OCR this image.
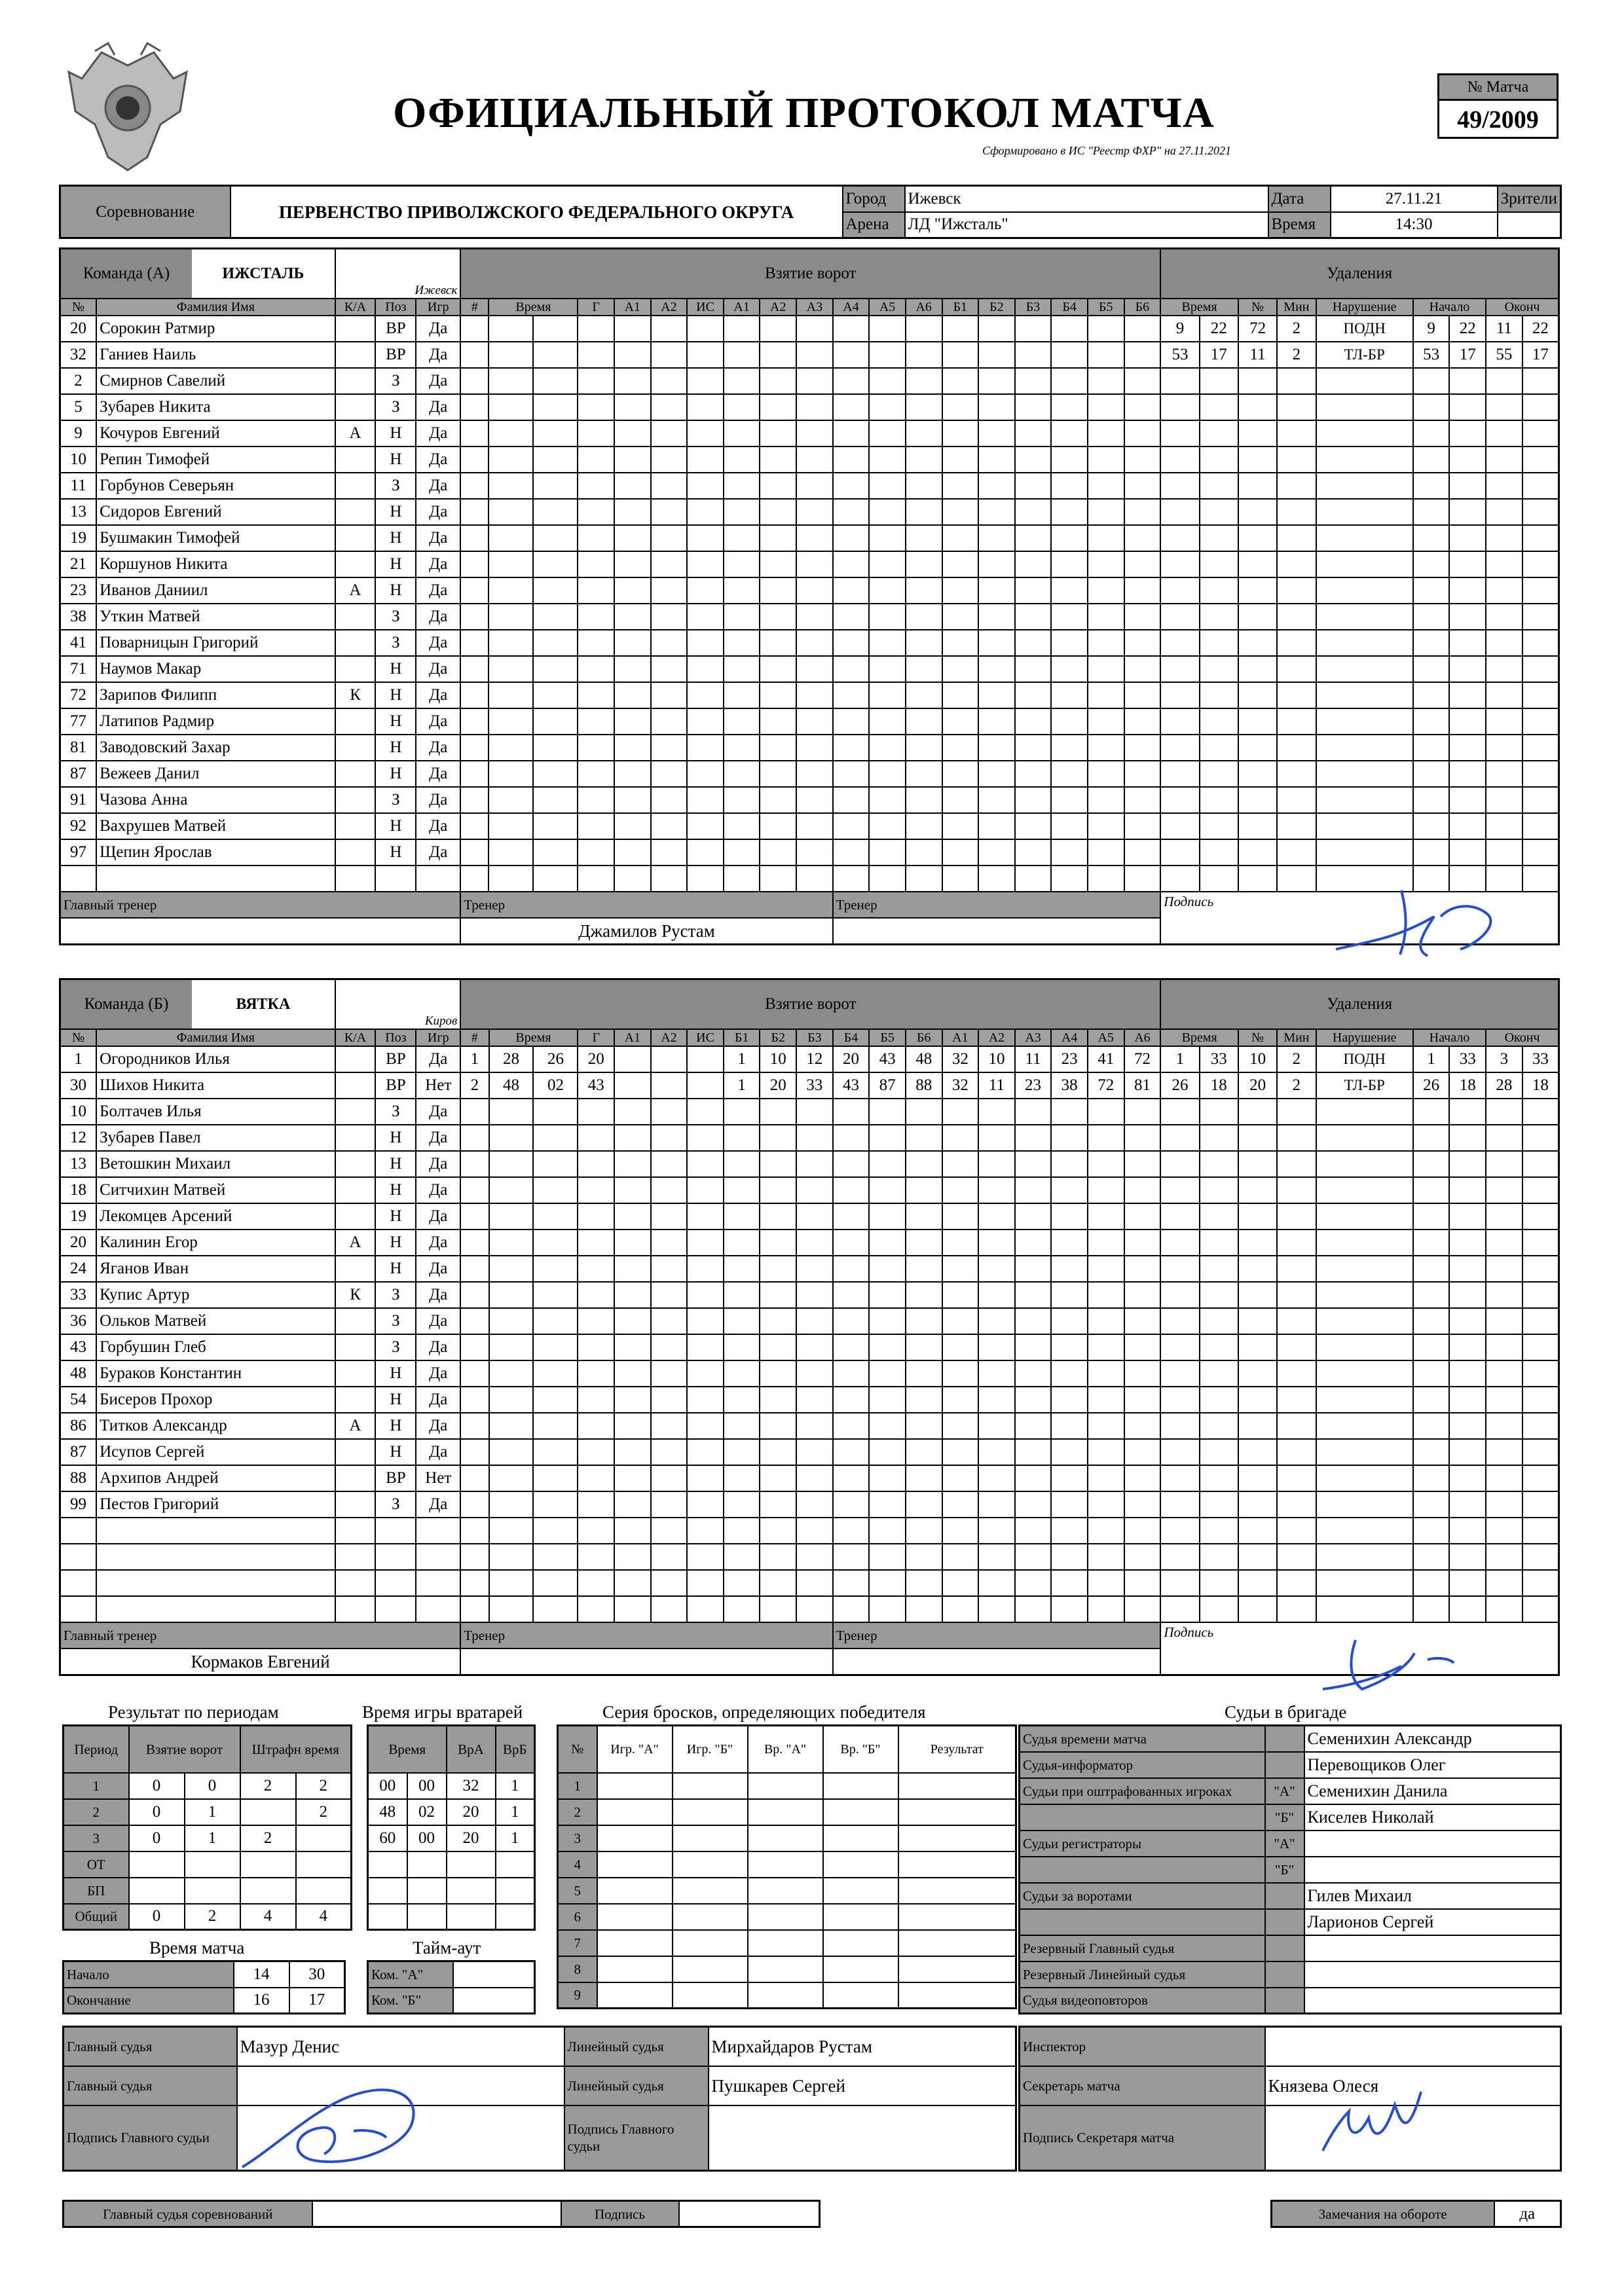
ОФИЦИАЛЬНЫЙ ПРОТОКОЛ МАТЧА
Сформировано в ИС "Реестр ФХР" на 27.11.2021
№ Матча
49/2009
Соревнование	ПЕРВЕНСТВО ПРИВОЛЖСКОГО ФЕДЕРАЛЬНОГО ОКРУГА	Город	Ижевск	Дата	27.11.21	Зрители
		Арена	ЛД "Ижсталь"	Время	14:30	
Команда (А) ИЖСТАЛЬ		Ижевск			Взятие ворот																			Удаления								
№	Фамилия Имя	К/А	Поз	Игр	#	Время		Г	А1	А2	ИС	А1	А2	А3	А4	А5	А6	Б1	Б2	Б3	Б4	Б5	Б6	Время		№	Мин	Нарушение	Начало		Оконч	
20	Сорокин Ратмир		ВР	Да																				9	22	72	2	ПОДН	9	22	11	22
32	Ганиев Наиль		ВР	Да																				53	17	11	2	ТЛ-БР	53	17	55	17
2	Смирнов Савелий		З	Да																												
5	Зубарев Никита		З	Да																												
9	Кочуров Евгений	А	Н	Да																												
10	Репин Тимофей		Н	Да																												
11	Горбунов Северьян		З	Да																												
13	Сидоров Евгений		Н	Да																												
19	Бушмакин Тимофей		Н	Да																												
21	Коршунов Никита		Н	Да																												
23	Иванов Даниил	А	Н	Да																												
38	Уткин Матвей		З	Да																												
41	Поварницын Григорий		З	Да																												
71	Наумов Макар		Н	Да																												
72	Зарипов Филипп	К	Н	Да																												
77	Латипов Радмир		Н	Да																												
81	Заводовский Захар		Н	Да																												
87	Вежеев Данил		Н	Да																												
91	Чазова Анна		З	Да																												
92	Вахрушев Матвей		Н	Да																												
97	Щепин Ярослав		Н	Да																												

Главный тренер					Тренер										Тренер									Подпись								
					Джамилов Рустам																											
Команда (Б) ВЯТКА		Киров			Взятие ворот																			Удаления								
№	Фамилия Имя	К/А	Поз	Игр	#	Время		Г	А1	А2	ИС	Б1	Б2	Б3	Б4	Б5	Б6	А1	А2	А3	А4	А5	А6	Время		№	Мин	Нарушение	Начало		Оконч	
1	Огородников Илья		ВР	Да	1	28	26	20				1	10	12	20	43	48	32	10	11	23	41	72	1	33	10	2	ПОДН	1	33	3	33
30	Шихов Никита		ВР	Нет	2	48	02	43				1	20	33	43	87	88	32	11	23	38	72	81	26	18	20	2	ТЛ-БР	26	18	28	18
10	Болтачев Илья		З	Да																												
12	Зубарев Павел		Н	Да																												
13	Ветошкин Михаил		Н	Да																												
18	Ситчихин Матвей		Н	Да																												
19	Лекомцев Арсений		Н	Да																												
20	Калинин Егор	А	Н	Да																												
24	Яганов Иван		Н	Да																												
33	Купис Артур	К	З	Да																												
36	Ольков Матвей		З	Да																												
43	Горбушин Глеб		З	Да																												
48	Бураков Константин		Н	Да																												
54	Бисеров Прохор		Н	Да																												
86	Титков Александр	А	Н	Да																												
87	Исупов Сергей		Н	Да																												
88	Архипов Андрей		ВР	Нет																												
99	Пестов Григорий		З	Да																												

Главный тренер					Тренер										Тренер									Подпись								
Кормаков Евгений																																
Результат по периодам
Период	Взятие ворот		Штрафн время	
1	0	0	2	2
2	0	1		2
3	0	1	2	
ОТ				
БП				
Общий	0	2	4	4
Время игры вратарей
Время		ВрА	ВрБ
00	00	32	1
48	02	20	1
60	00	20	1

Время матча
Начало	14	30
Окончание	16	17
Тайм-аут
Ком. "А"	
Ком. "Б"	
Серия бросков, определяющих победителя
№	Игр. "А"	Игр. "Б"	Вр. "А"	Вр. "Б"	Результат
1					
2					
3					
4					
5					
6					
7					
8					
9					
Судьи в бригаде
Судья времени матча		Семенихин Александр
Судья-информатор		Перевощиков Олег
Судьи при оштрафованных игроках	"А"	Семенихин Данила
	"Б"	Киселев Николай
Судьи регистраторы	"А"	
	"Б"	
Судьи за воротами		Гилев Михаил
		Ларионов Сергей
Резервный Главный судья		
Резервный Линейный судья		
Судья видеоповторов		
Главный судья	Мазур Денис	Линейный судья	Мирхайдаров Рустам
Главный судья		Линейный судья	Пушкарев Сергей
Подпись Главного судьи		Подпись Главного судьи	
Инспектор	
Секретарь матча	Князева Олеся
Подпись Секретаря матча	
Главный судья соревнований		Подпись		Замечания на обороте	да
